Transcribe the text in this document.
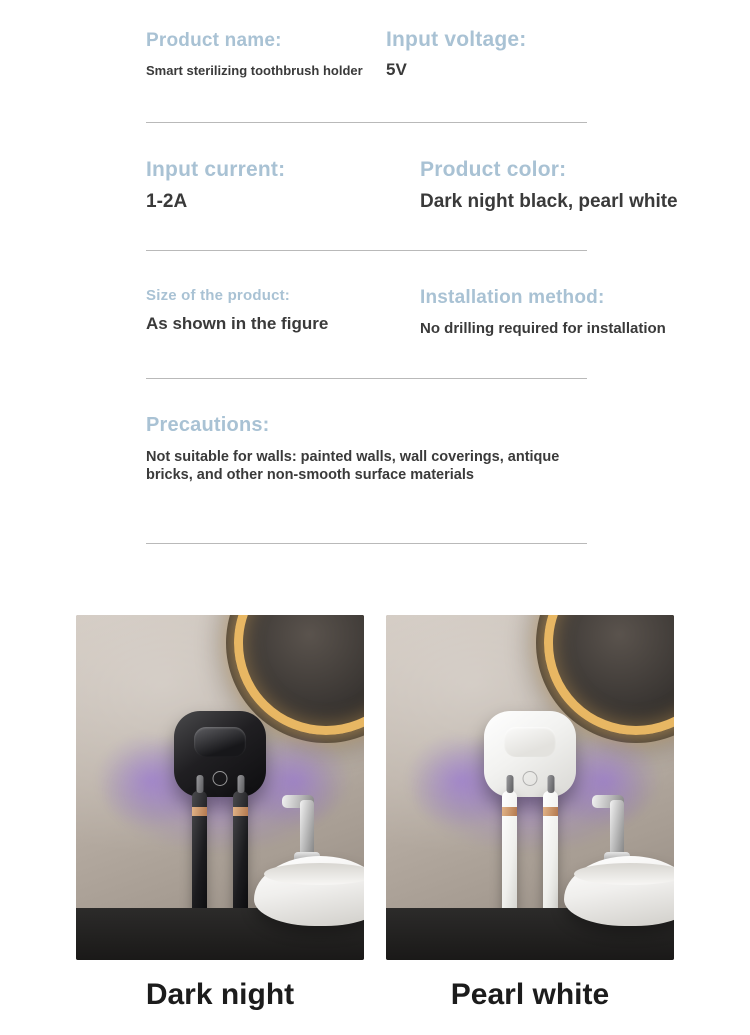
Product name:
Smart sterilizing toothbrush holder
Input voltage:
5V
Input current:
1-2A
Product color:
Dark night black, pearl white
Size of the product:
As shown in the figure
Installation method:
No drilling required for installation
Precautions:
Not suitable for walls: painted walls, wall coverings, antique bricks, and other non-smooth surface materials
Dark night	Pearl white
